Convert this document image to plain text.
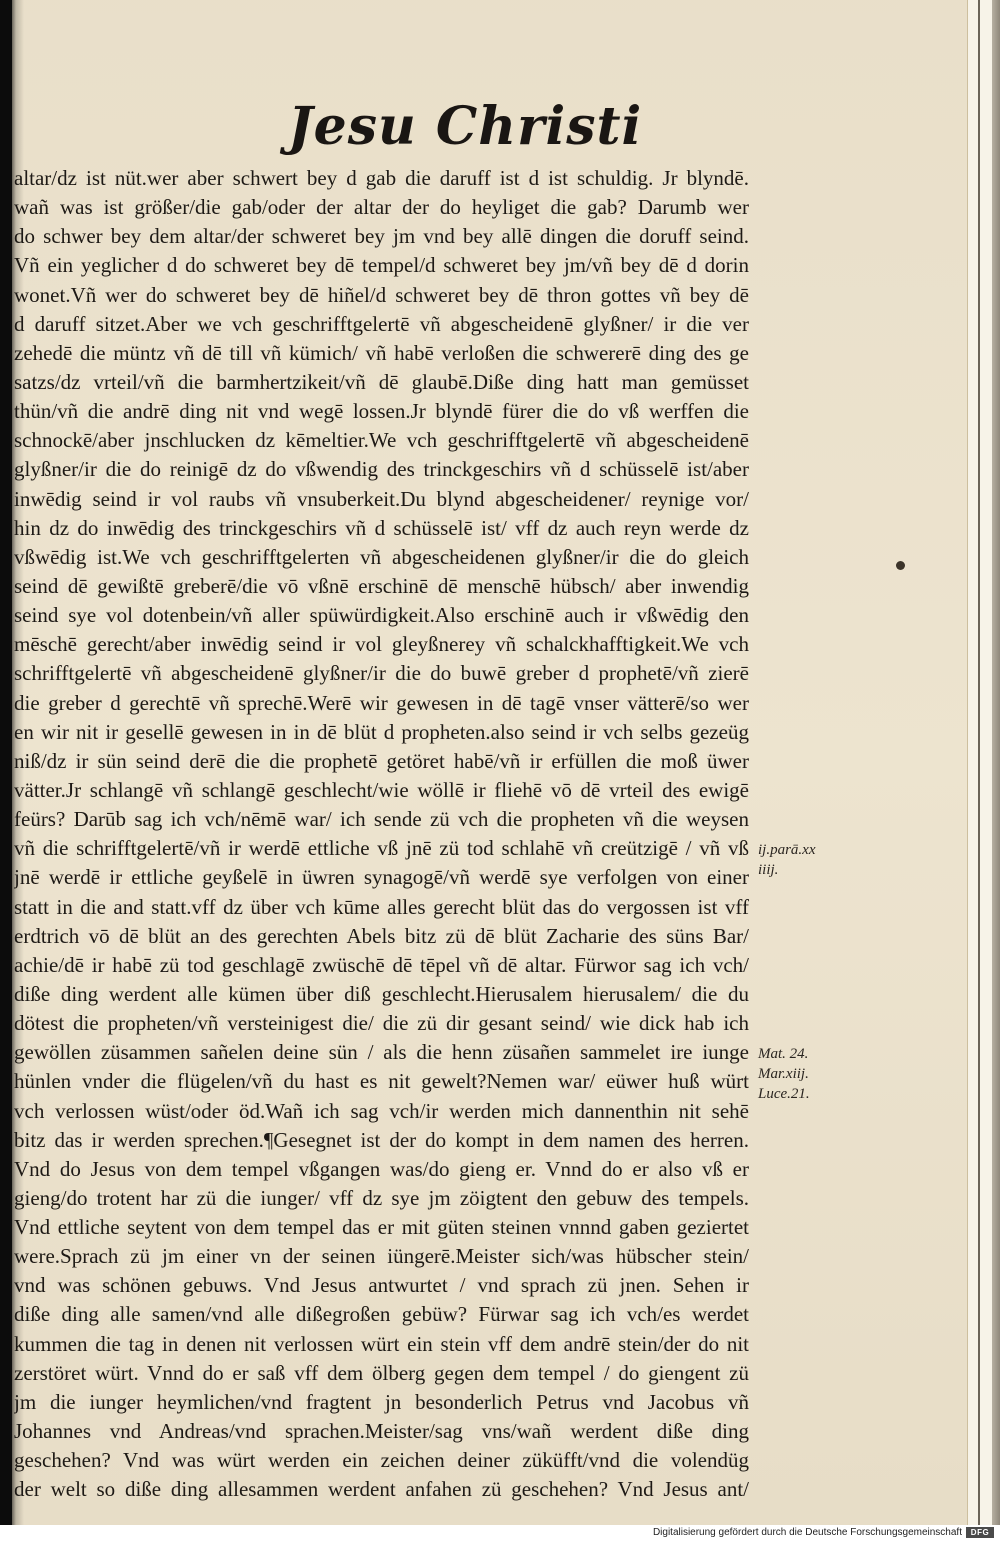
Jesu Christi
altar/dz ist nüt.wer aber schwert bey d gab die daruff ist d ist schuldig. Jr blyndē.
wañ was ist größer/die gab/oder der altar der do heyliget die gab? Darumb wer
do schwer bey dem altar/der schweret bey jm vnd bey allē dingen die doruff seind.
Vñ ein yeglicher d do schweret bey dē tempel/d schweret bey jm/vñ bey dē d dorin
wonet.Vñ wer do schweret bey dē hiñel/d schweret bey dē thron gottes vñ bey dē
d daruff sitzet.Aber we vch geschrifftgelertē vñ abgescheidenē glyßner/ ir die ver
zehedē die müntz vñ dē till vñ kümich/ vñ habē verloßen die schwererē ding des ge
satzs/dz vrteil/vñ die barmhertzikeit/vñ dē glaubē.Diße ding hatt man gemüsset
thün/vñ die andrē ding nit vnd wegē lossen.Jr blyndē fürer die do vß werffen die
schnockē/aber jnschlucken dz kēmeltier.We vch geschrifftgelertē vñ abgescheidenē
glyßner/ir die do reinigē dz do vßwendig des trinckgeschirs vñ d schüsselē ist/aber
inwēdig seind ir vol raubs vñ vnsuberkeit.Du blynd abgescheidener/ reynige vor/
hin dz do inwēdig des trinckgeschirs vñ d schüsselē ist/ vff dz auch reyn werde dz
vßwēdig ist.We vch geschrifftgelerten vñ abgescheidenen glyßner/ir die do gleich
seind dē gewißtē greberē/die vō vßnē erschinē dē menschē hübsch/ aber inwendig
seind sye vol dotenbein/vñ aller spüwürdigkeit.Also erschinē auch ir vßwēdig den
mēschē gerecht/aber inwēdig seind ir vol gleyßnerey vñ schalckhafftigkeit.We vch
schrifftgelertē vñ abgescheidenē glyßner/ir die do buwē greber d prophetē/vñ zierē
die greber d gerechtē vñ sprechē.Werē wir gewesen in dē tagē vnser vätterē/so wer
en wir nit ir gesellē gewesen in in dē blüt d propheten.also seind ir vch selbs gezeüg
niß/dz ir sün seind derē die die prophetē getöret habē/vñ ir erfüllen die moß üwer
vätter.Jr schlangē vñ schlangē geschlecht/wie wöllē ir fliehē vō dē vrteil des ewigē
feürs? Darūb sag ich vch/nēmē war/ ich sende zü vch die propheten vñ die weysen
vñ die schrifftgelertē/vñ ir werdē ettliche vß jnē zü tod schlahē vñ creützigē / vñ vß
jnē werdē ir ettliche geyßelē in üwren synagogē/vñ werdē sye verfolgen von einer
statt in die and statt.vff dz über vch kūme alles gerecht blüt das do vergossen ist vff
erdtrich vō dē blüt an des gerechten Abels bitz zü dē blüt Zacharie des süns Bar/
achie/dē ir habē zü tod geschlagē zwüschē dē tēpel vñ dē altar. Fürwor sag ich vch/
diße ding werdent alle kümen über diß geschlecht.Hierusalem hierusalem/ die du
dötest die propheten/vñ versteinigest die/ die zü dir gesant seind/ wie dick hab ich
gewöllen züsammen sañelen deine sün / als die henn züsañen sammelet ire iunge
hünlen vnder die flügelen/vñ du hast es nit gewelt?Nemen war/ eüwer huß würt
vch verlossen wüst/oder öd.Wañ ich sag vch/ir werden mich dannenthin nit sehē
bitz das ir werden sprechen.¶Gesegnet ist der do kompt in dem namen des herren.
Vnd do Jesus von dem tempel vßgangen was/do gieng er. Vnnd do er also vß er
gieng/do trotent har zü die iunger/ vff dz sye jm zöigtent den gebuw des tempels.
Vnd ettliche seytent von dem tempel das er mit güten steinen vnnnd gaben geziertet
were.Sprach zü jm einer vn der seinen iüngerē.Meister sich/was hübscher stein/
vnd was schönen gebuws. Vnd Jesus antwurtet / vnd sprach zü jnen. Sehen ir
diße ding alle samen/vnd alle dißegroßen gebüw? Fürwar sag ich vch/es werdet
kummen die tag in denen nit verlossen würt ein stein vff dem andrē stein/der do nit
zerstöret würt. Vnnd do er saß vff dem ölberg gegen dem tempel / do giengent zü
jm die iunger heymlichen/vnd fragtent jn besonderlich Petrus vnd Jacobus vñ
Johannes vnd Andreas/vnd sprachen.Meister/sag vns/wañ werdent diße ding
geschehen? Vnd was würt werden ein zeichen deiner züküfft/vnd die volendüg
der welt so diße ding allesammen werdent anfahen zü geschehen? Vnd Jesus ant/
ij.parā.xx
iiij.
Mat. 24.
Mar.xiij.
Luce.21.
Digitalisierung gefördert durch die Deutsche Forschungsgemeinschaft	DFG
